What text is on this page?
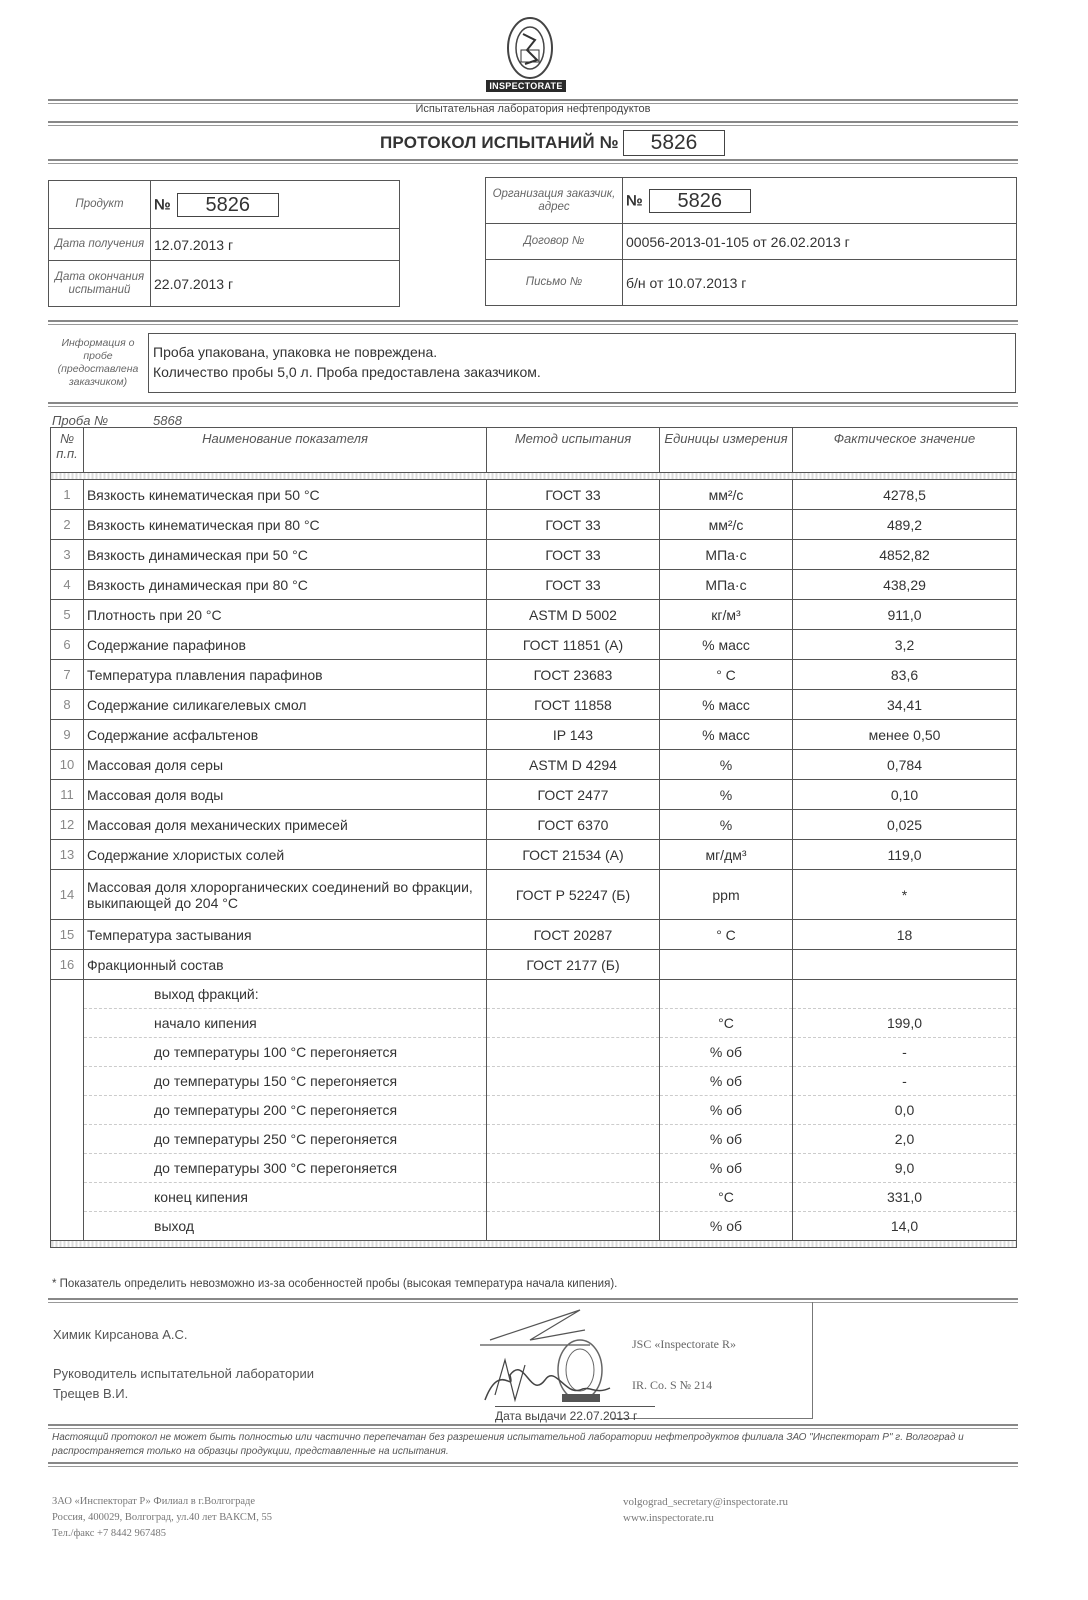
INSPECTORATE
Испытательная лаборатория нефтепродуктов
ПРОТОКОЛ ИСПЫТАНИЙ №	5826
Продукт	№ 5826
Дата получения	12.07.2013 г
Дата окончания испытаний	22.07.2013 г
Организация заказчик, адрес	№ 5826
Договор №	00056-2013-01-105 от 26.02.2013 г
Письмо №	б/н от 10.07.2013 г
Информация о пробе (предоставлена заказчиком)
Проба упакована, упаковка не повреждена.
Количество пробы 5,0 л. Проба предоставлена заказчиком.
Проба №	5868
№ п.п.	Наименование показателя	Метод испытания	Единицы измерения	Фактическое значение

1	Вязкость кинематическая при 50 °С	ГОСТ 33	мм²/с	4278,5
2	Вязкость кинематическая при 80 °С	ГОСТ 33	мм²/с	489,2
3	Вязкость динамическая при 50 °С	ГОСТ 33	МПа·с	4852,82
4	Вязкость динамическая при 80 °С	ГОСТ 33	МПа·с	438,29
5	Плотность при 20 °С	ASTM D 5002	кг/м³	911,0
6	Содержание парафинов	ГОСТ 11851 (А)	% масс	3,2
7	Температура плавления парафинов	ГОСТ 23683	° С	83,6
8	Содержание силикагелевых смол	ГОСТ 11858	% масс	34,41
9	Содержание асфальтенов	IP 143	% масс	менее 0,50
10	Массовая доля серы	ASTM D 4294	%	0,784
11	Массовая доля воды	ГОСТ 2477	%	0,10
12	Массовая доля механических примесей	ГОСТ 6370	%	0,025
13	Содержание хлористых солей	ГОСТ 21534 (А)	мг/дм³	119,0
14	Массовая доля хлорорганических соединений во фракции, выкипающей до 204 °С	ГОСТ Р 52247 (Б)	ppm	*
15	Температура застывания	ГОСТ 20287	° С	18
16	Фракционный состав	ГОСТ 2177 (Б)		
	выход фракций:			
	начало кипения		°С	199,0
	до температуры 100 °С перегоняется		% об	-
	до температуры 150 °С перегоняется		% об	-
	до температуры 200 °С перегоняется		% об	0,0
	до температуры 250 °С перегоняется		% об	2,0
	до температуры 300 °С перегоняется		% об	9,0
	конец кипения		°С	331,0
	выход		% об	14,0

* Показатель определить невозможно из-за особенностей пробы (высокая температура начала кипения).
Химик Кирсанова А.С.
Руководитель испытательной лаборатории
Трещев В.И.
JSC «Inspectorate R»
IR. Co. S № 214
Дата выдачи 22.07.2013 г
Настоящий протокол не может быть полностью или частично перепечатан без разрешения испытательной лаборатории нефтепродуктов филиала ЗАО "Инспекторат Р" г. Волгоград и распространяется только на образцы продукции, представленные на испытания.
ЗАО «Инспекторат Р» Филиал в г.Волгограде
Россия, 400029, Волгоград, ул.40 лет ВАКСМ, 55
Тел./факс +7 8442 967485
volgograd_secretary@inspectorate.ru
www.inspectorate.ru
